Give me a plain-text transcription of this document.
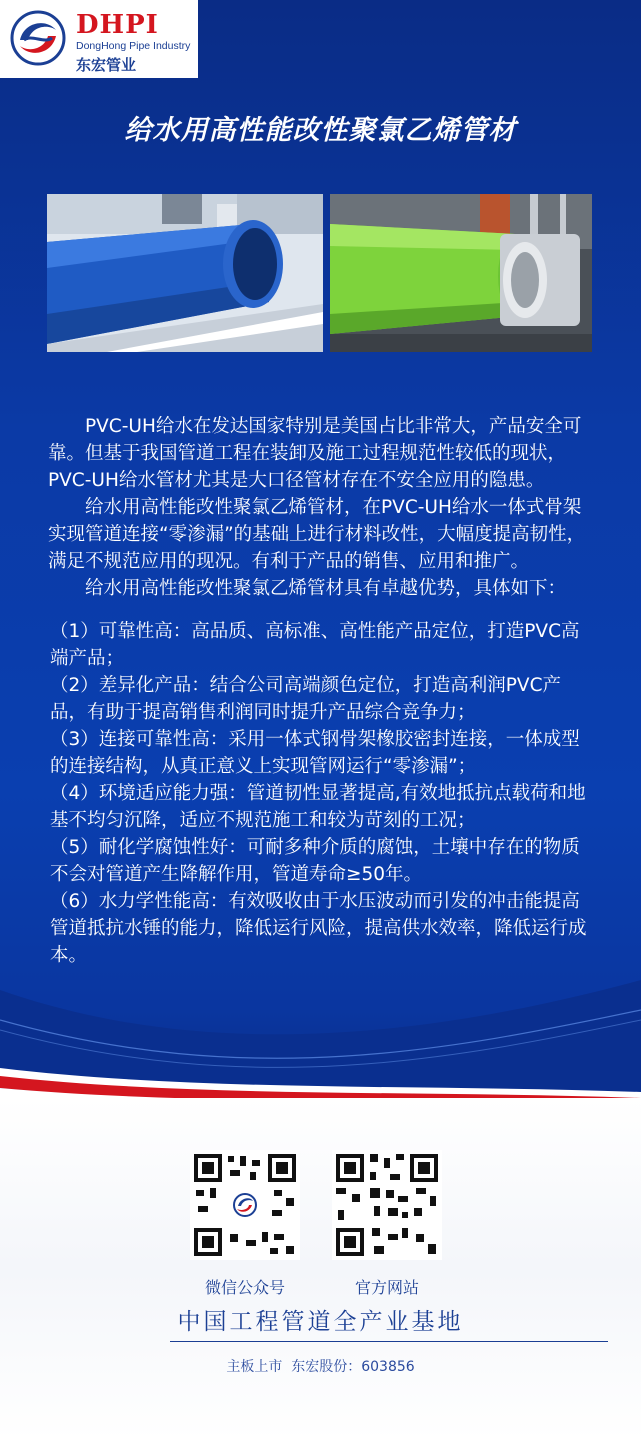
DHPI
DongHong Pipe Industry
东宏管业
给水用高性能改性聚氯乙烯管材

PVC-UH给水在发达国家特别是美国占比非常大，产品安全可靠。但基于我国管道工程在装卸及施工过程规范性较低的现状，PVC-UH给水管材尤其是大口径管材存在不安全应用的隐患。

给水用高性能改性聚氯乙烯管材，在PVC-UH给水一体式骨架实现管道连接“零渗漏”的基础上进行材料改性，大幅度提高韧性，满足不规范应用的现况。有利于产品的销售、应用和推广。

给水用高性能改性聚氯乙烯管材具有卓越优势，具体如下：

（1）可靠性高：高品质、高标准、高性能产品定位，打造PVC高端产品；

（2）差异化产品：结合公司高端颜色定位，打造高利润PVC产品，有助于提高销售利润同时提升产品综合竞争力；

（3）连接可靠性高：采用一体式钢骨架橡胶密封连接，一体成型的连接结构，从真正意义上实现管网运行“零渗漏”；

（4）环境适应能力强：管道韧性显著提高,有效地抵抗点载荷和地基不均匀沉降，适应不规范施工和较为苛刻的工况；

（5）耐化学腐蚀性好：可耐多种介质的腐蚀，土壤中存在的物质不会对管道产生降解作用，管道寿命≥50年。

（6）水力学性能高：有效吸收由于水压波动而引发的冲击能提高管道抵抗水锤的能力，降低运行风险，提高供水效率，降低运行成本。

微信公众号	官方网站
中国工程管道全产业基地
主板上市  东宏股份：603856
